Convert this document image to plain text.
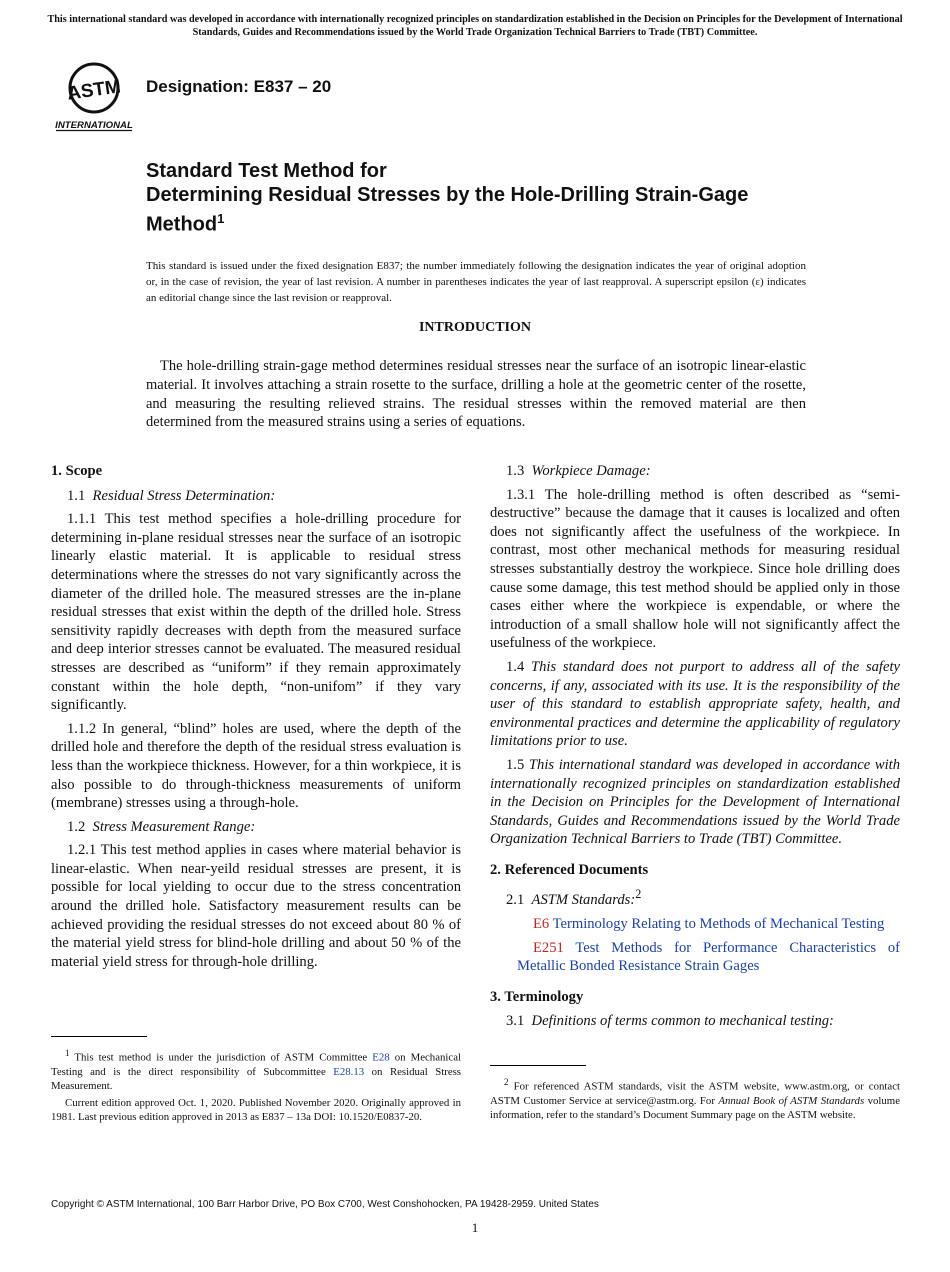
This international standard was developed in accordance with internationally recognized principles on standardization established in the Decision on Principles for the Development of International Standards, Guides and Recommendations issued by the World Trade Organization Technical Barriers to Trade (TBT) Committee.
ASTM
INTERNATIONAL
Designation: E837 – 20
Standard Test Method for
Determining Residual Stresses by the Hole-Drilling Strain-Gage Method$^1$
This standard is issued under the fixed designation E837; the number immediately following the designation indicates the year of original adoption or, in the case of revision, the year of last revision. A number in parentheses indicates the year of last reapproval. A superscript epsilon (ε) indicates an editorial change since the last revision or reapproval.
INTRODUCTION

The hole-drilling strain-gage method determines residual stresses near the surface of an isotropic linear-elastic material. It involves attaching a strain rosette to the surface, drilling a hole at the geometric center of the rosette, and measuring the resulting relieved strains. The residual stresses within the removed material are then determined from the measured strains using a series of equations.

1. Scope

1.1 Residual Stress Determination:

1.1.1 This test method specifies a hole-drilling procedure for determining in-plane residual stresses near the surface of an isotropic linearly elastic material. It is applicable to residual stress determinations where the stresses do not vary significantly across the diameter of the drilled hole. The measured stresses are the in-plane residual stresses that exist within the depth of the drilled hole. Stress sensitivity rapidly decreases with depth from the measured surface and deep interior stresses cannot be evaluated. The measured residual stresses are described as “uniform” if they remain approximately constant within the hole depth, “non-unifom” if they vary significantly.

1.1.2 In general, “blind” holes are used, where the depth of the drilled hole and therefore the depth of the residual stress evaluation is less than the workpiece thickness. However, for a thin workpiece, it is also possible to do through-thickness measurements of uniform (membrane) stresses using a through-hole.

1.2 Stress Measurement Range:

1.2.1 This test method applies in cases where material behavior is linear-elastic. When near-yeild residual stresses are present, it is possible for local yielding to occur due to the stress concentration around the drilled hole. Satisfactory measurement results can be achieved providing the residual stresses do not exceed about 80 % of the material yield stress for blind-hole drilling and about 50 % of the material yield stress for through-hole drilling.

1.3 Workpiece Damage:

1.3.1 The hole-drilling method is often described as “semi-destructive” because the damage that it causes is localized and often does not significantly affect the usefulness of the workpiece. In contrast, most other mechanical methods for measuring residual stresses substantially destroy the workpiece. Since hole drilling does cause some damage, this test method should be applied only in those cases either where the workpiece is expendable, or where the introduction of a small shallow hole will not significantly affect the usefulness of the workpiece.

1.4 This standard does not purport to address all of the safety concerns, if any, associated with its use. It is the responsibility of the user of this standard to establish appropriate safety, health, and environmental practices and determine the applicability of regulatory limitations prior to use.

1.5 This international standard was developed in accordance with internationally recognized principles on standardization established in the Decision on Principles for the Development of International Standards, Guides and Recommendations issued by the World Trade Organization Technical Barriers to Trade (TBT) Committee.

2. Referenced Documents

2.1 ASTM Standards:$^2$

E6 Terminology Relating to Methods of Mechanical Testing

E251 Test Methods for Performance Characteristics of Metallic Bonded Resistance Strain Gages

3. Terminology

3.1 Definitions of terms common to mechanical testing:

$^1$ This test method is under the jurisdiction of ASTM Committee E28 on Mechanical Testing and is the direct responsibility of Subcommittee E28.13 on Residual Stress Measurement.

Current edition approved Oct. 1, 2020. Published November 2020. Originally approved in 1981. Last previous edition approved in 2013 as E837 – 13a DOI: 10.1520/E0837-20.

$^2$ For referenced ASTM standards, visit the ASTM website, www.astm.org, or contact ASTM Customer Service at service@astm.org. For Annual Book of ASTM Standards volume information, refer to the standard’s Document Summary page on the ASTM website.

Copyright © ASTM International, 100 Barr Harbor Drive, PO Box C700, West Conshohocken, PA 19428-2959. United States
1
